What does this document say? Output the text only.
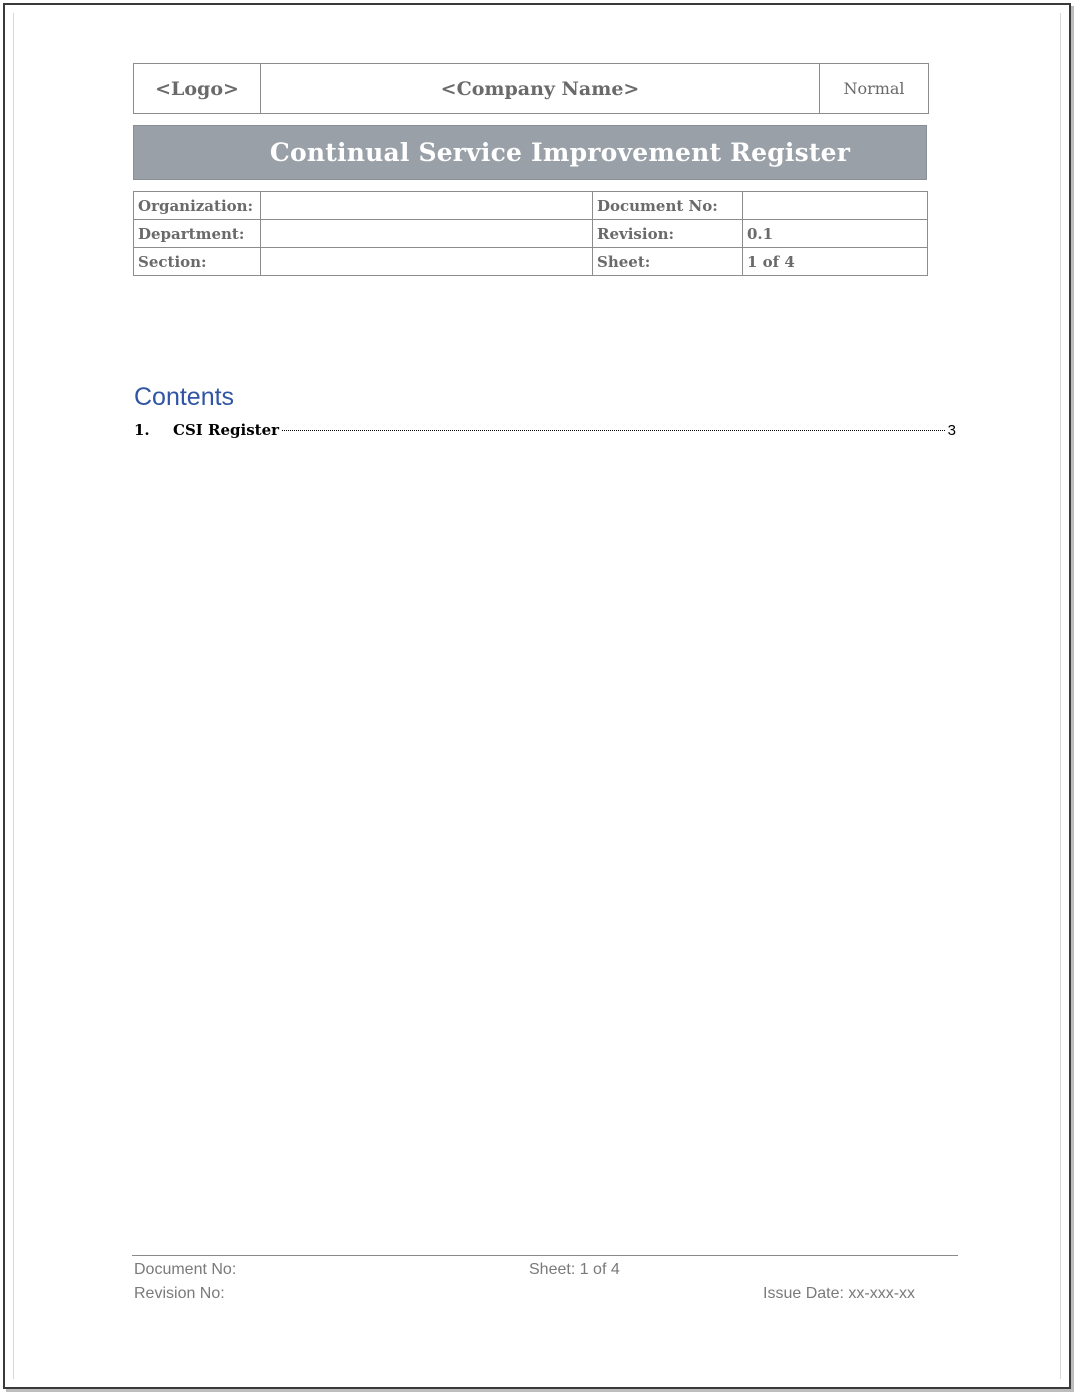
<Logo>	<Company Name>	Normal
Continual Service Improvement Register
Organization:		Document No:	
Department:		Revision:	0.1
Section:		Sheet:	1 of 4
Contents
1.	CSI Register	3
Document No:
Revision No:
Sheet: 1 of 4
Issue Date: xx-xxx-xx
